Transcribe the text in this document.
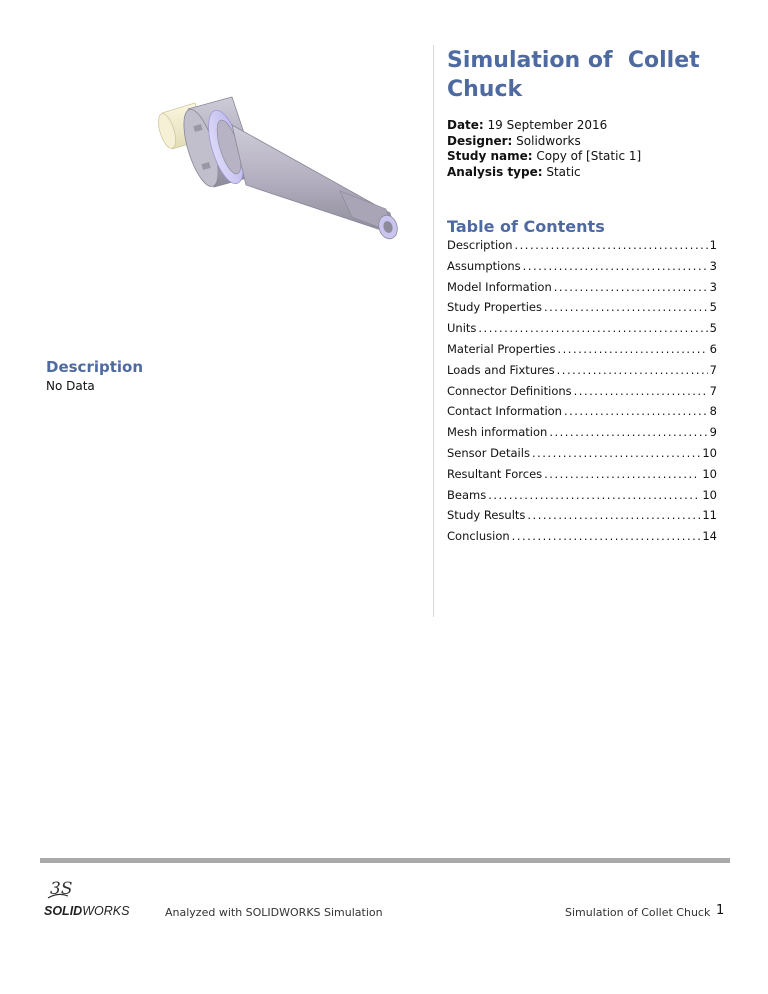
Simulation of  Collet Chuck
Date: 19 September 2016
Designer: Solidworks
Study name: Copy of [Static 1]
Analysis type: Static
Table of Contents
Description .....	1
Assumptions .....	3
Model Information .....	3
Study Properties .....	5
Units .....	5
Material Properties .....	6
Loads and Fixtures .....	7
Connector Definitions .....	7
Contact Information .....	8
Mesh information .....	9
Sensor Details .....	10
Resultant Forces .....	10
Beams .....	10
Study Results .....	11
Conclusion .....	14
Description
No Data
3S
SOLIDWORKS	Analyzed with SOLIDWORKS Simulation	Simulation of Collet Chuck 1
